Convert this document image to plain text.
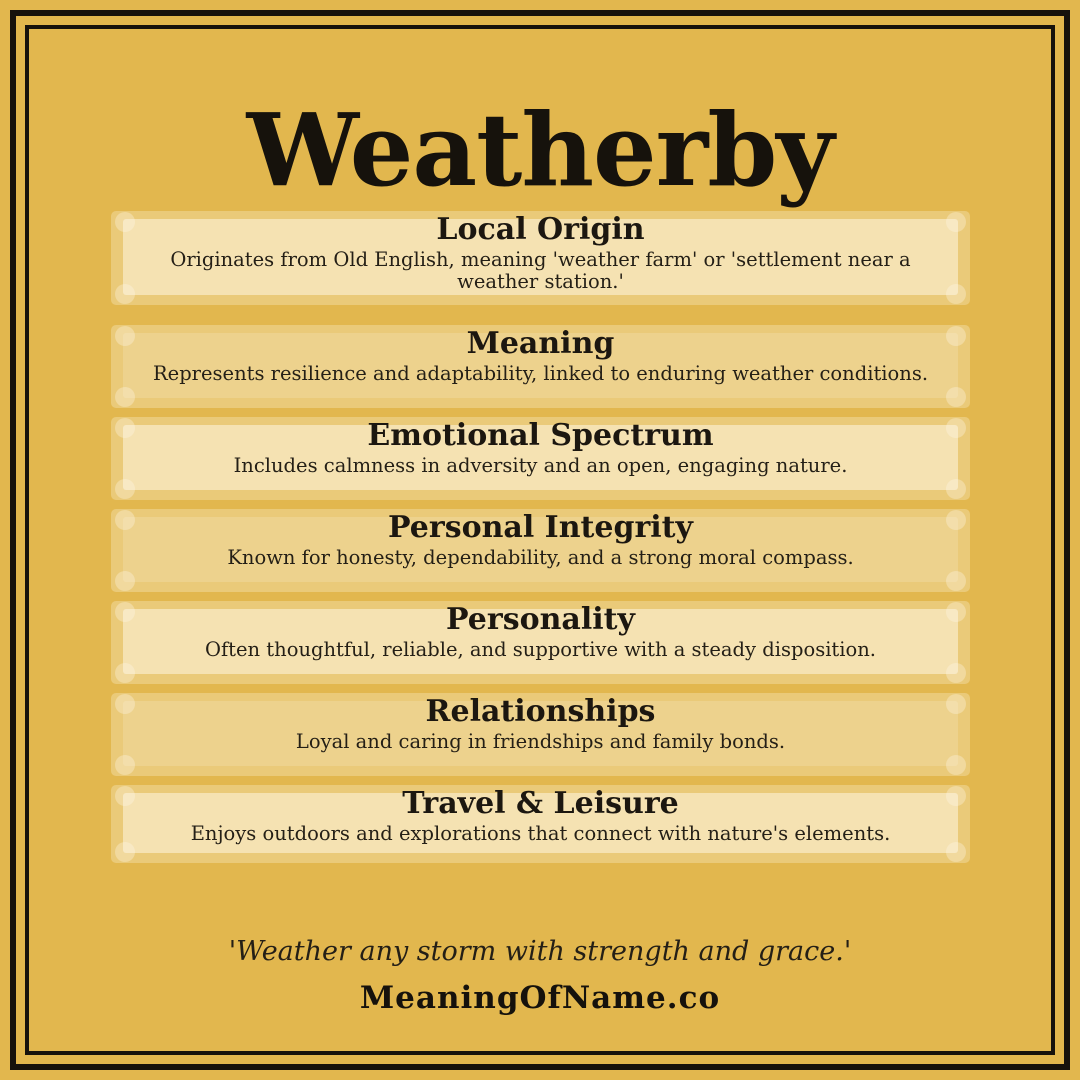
Weatherby
Local Origin

Originates from Old English, meaning 'weather farm' or 'settlement near a weather station.'

Meaning

Represents resilience and adaptability, linked to enduring weather conditions.

Emotional Spectrum

Includes calmness in adversity and an open, engaging nature.

Personal Integrity

Known for honesty, dependability, and a strong moral compass.

Personality

Often thoughtful, reliable, and supportive with a steady disposition.

Relationships

Loyal and caring in friendships and family bonds.

Travel & Leisure

Enjoys outdoors and explorations that connect with nature's elements.

'Weather any storm with strength and grace.'
MeaningOfName.co
